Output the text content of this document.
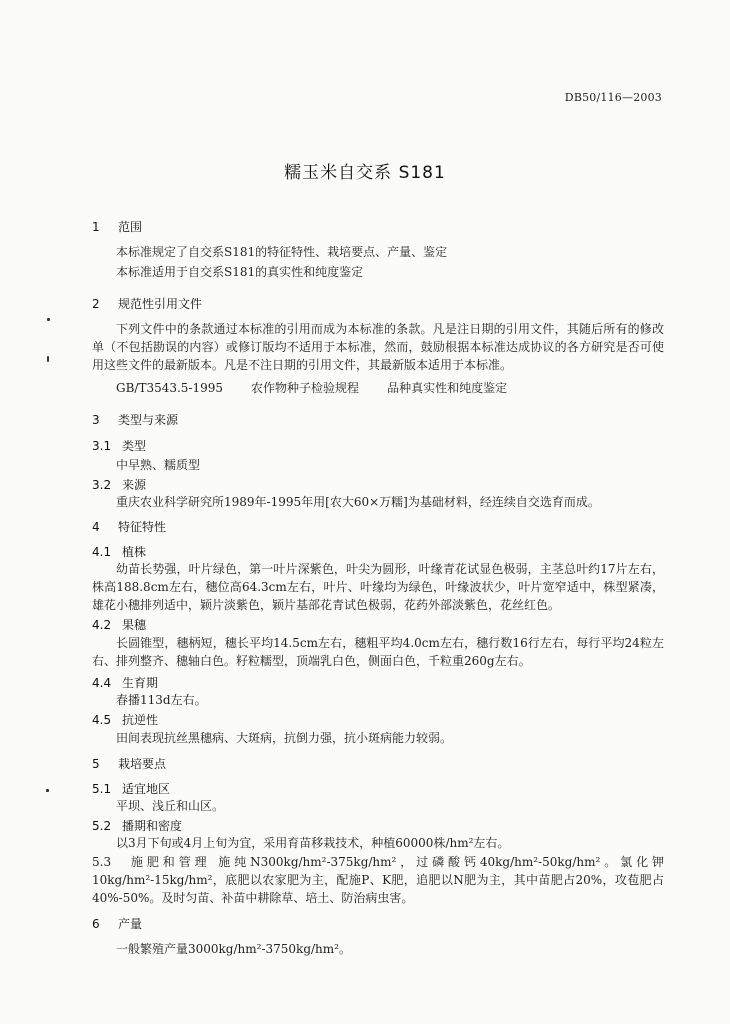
DB50/116—2003
糯玉米自交系 S181
1 范围
本标准规定了自交系S181的特征特性、栽培要点、产量、鉴定
本标准适用于自交系S181的真实性和纯度鉴定
2 规范性引用文件
下列文件中的条款通过本标准的引用而成为本标准的条款。凡是注日期的引用文件，其随后所有的修改单（不包括勘误的内容）或修订版均不适用于本标准，然而，鼓励根据本标准达成协议的各方研究是否可使用这些文件的最新版本。凡是不注日期的引用文件，其最新版本适用于本标准。
GB/T3543.5-1995 农作物种子检验规程 品种真实性和纯度鉴定
3 类型与来源
3.1 类型
中早熟、糯质型
3.2 来源
重庆农业科学研究所1989年-1995年用[农大60×万糯]为基础材料，经连续自交选育而成。
4 特征特性
4.1 植株
幼苗长势强，叶片绿色，第一叶片深紫色，叶尖为圆形，叶缘青花试显色极弱，主茎总叶约17片左右，株高188.8cm左右，穗位高64.3cm左右，叶片、叶缘均为绿色，叶缘波状少，叶片宽窄适中，株型紧凑，雄花小穗排列适中，颖片淡紫色，颖片基部花青试色极弱，花药外部淡紫色，花丝红色。
4.2 果穗
长圆锥型，穗柄短，穗长平均14.5cm左右，穗粗平均4.0cm左右，穗行数16行左右，每行平均24粒左右、排列整齐、穗轴白色。籽粒糯型，顶端乳白色，侧面白色，千粒重260g左右。
4.4 生育期
春播113d左右。
4.5 抗逆性
田间表现抗丝黑穗病、大斑病，抗倒力强，抗小斑病能力较弱。
5 栽培要点
5.1 适宜地区
平坝、浅丘和山区。
5.2 播期和密度
以3月下旬或4月上旬为宜，采用育苗移栽技术，种植60000株/hm²左右。
5.3　施肥和管理 施纯N300kg/hm²-375kg/hm²，过磷酸钙40kg/hm²-50kg/hm²。氯化钾10kg/hm²-15kg/hm²，底肥以农家肥为主，配施P、K肥，追肥以N肥为主，其中苗肥占20%，攻苞肥占40%-50%。及时匀苗、补苗中耕除草、培土、防治病虫害。
6 产量
一般繁殖产量3000kg/hm²-3750kg/hm²。
